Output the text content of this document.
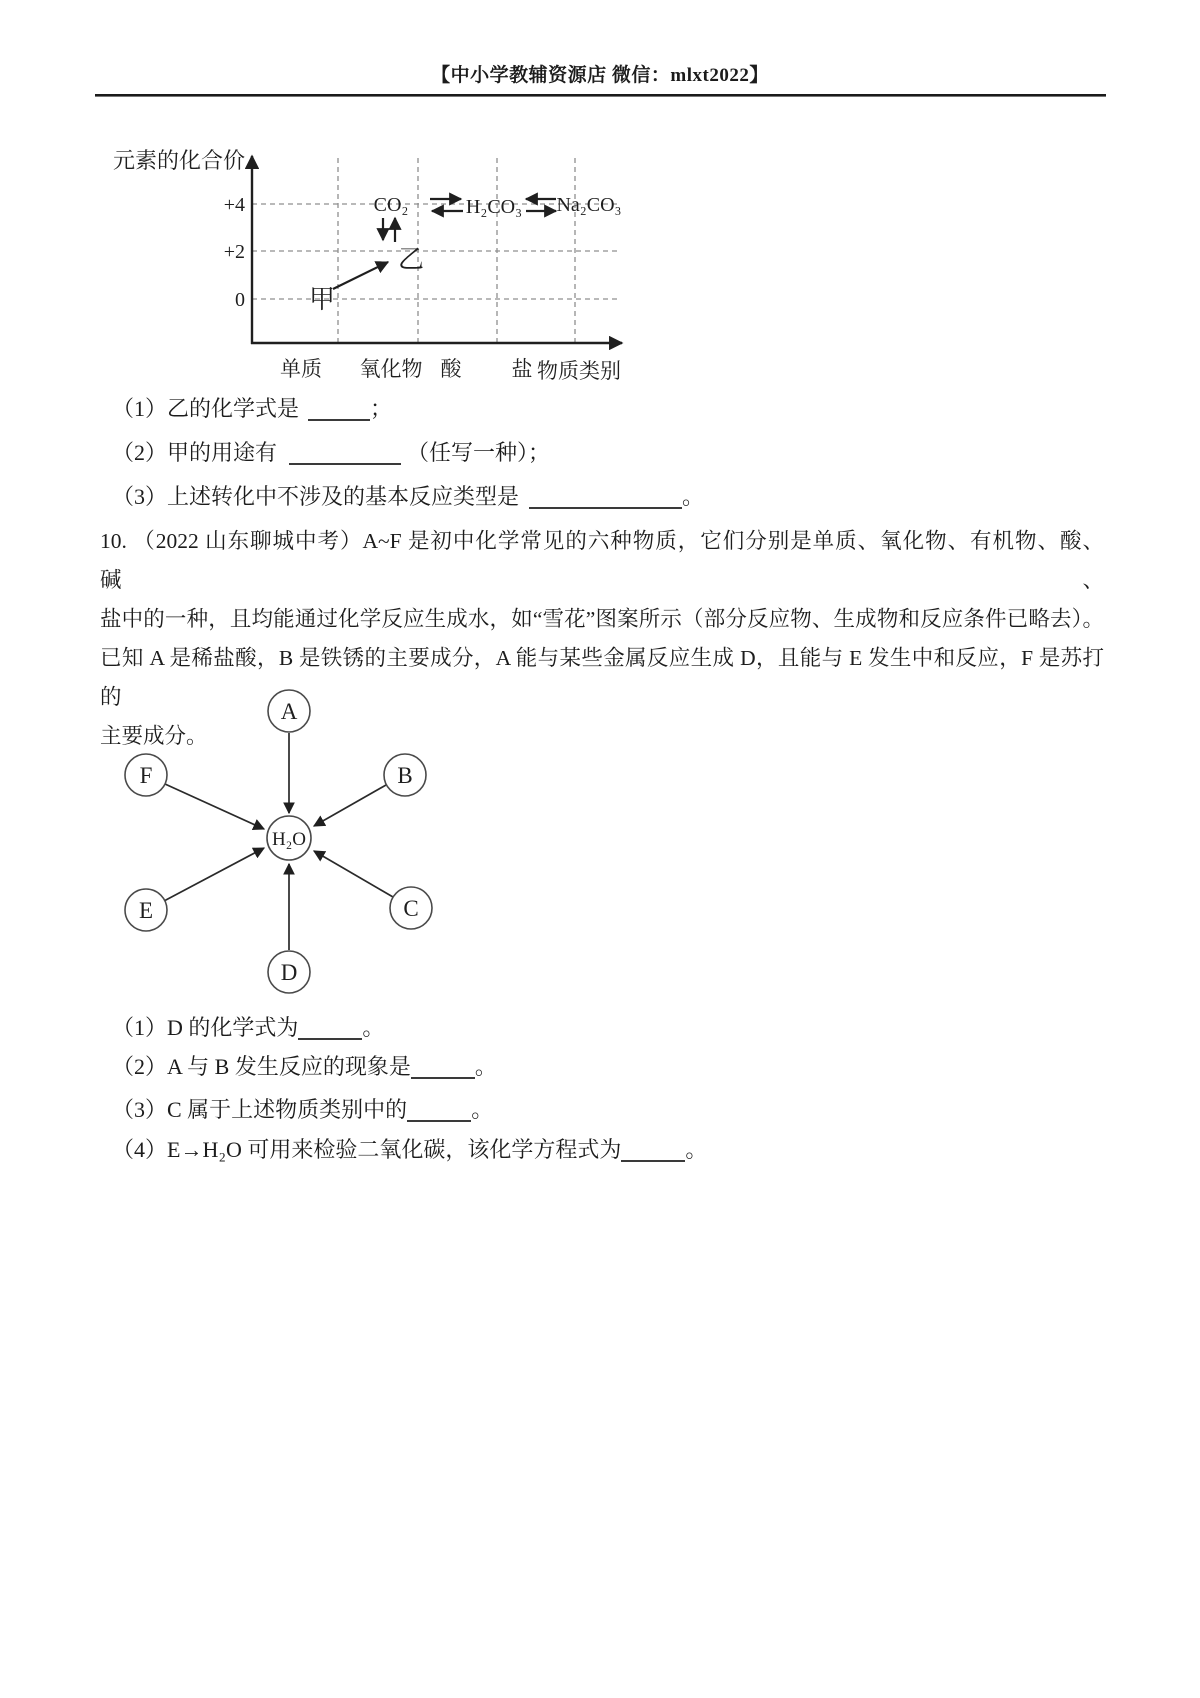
【中小学教辅资源店 微信：mlxt2022】
元素的化合价
+4
+2
0
单质 氧化物 酸 盐 物质类别
CO₂	H₂CO₃ Na₂CO₃
乙
甲
（1）乙的化学式是	；
（2）甲的用途有	（任写一种）；
（3）上述转化中不涉及的基本反应类型是	。
10. （2022 山东聊城中考）A~F 是初中化学常见的六种物质，它们分别是单质、氧化物、有机物、酸、碱、
盐中的一种，且均能通过化学反应生成水，如“雪花”图案所示（部分反应物、生成物和反应条件已略去）。
已知 A 是稀盐酸，B 是铁锈的主要成分，A 能与某些金属反应生成 D，且能与 E 发生中和反应，F 是苏打的
主要成分。
A
B
C
D
E
F
H₂O
（1）D 的化学式为	。
（2）A 与 B 发生反应的现象是	。
（3）C 属于上述物质类别中的	。
（4）E→H₂O 可用来检验二氧化碳，该化学方程式为	。
